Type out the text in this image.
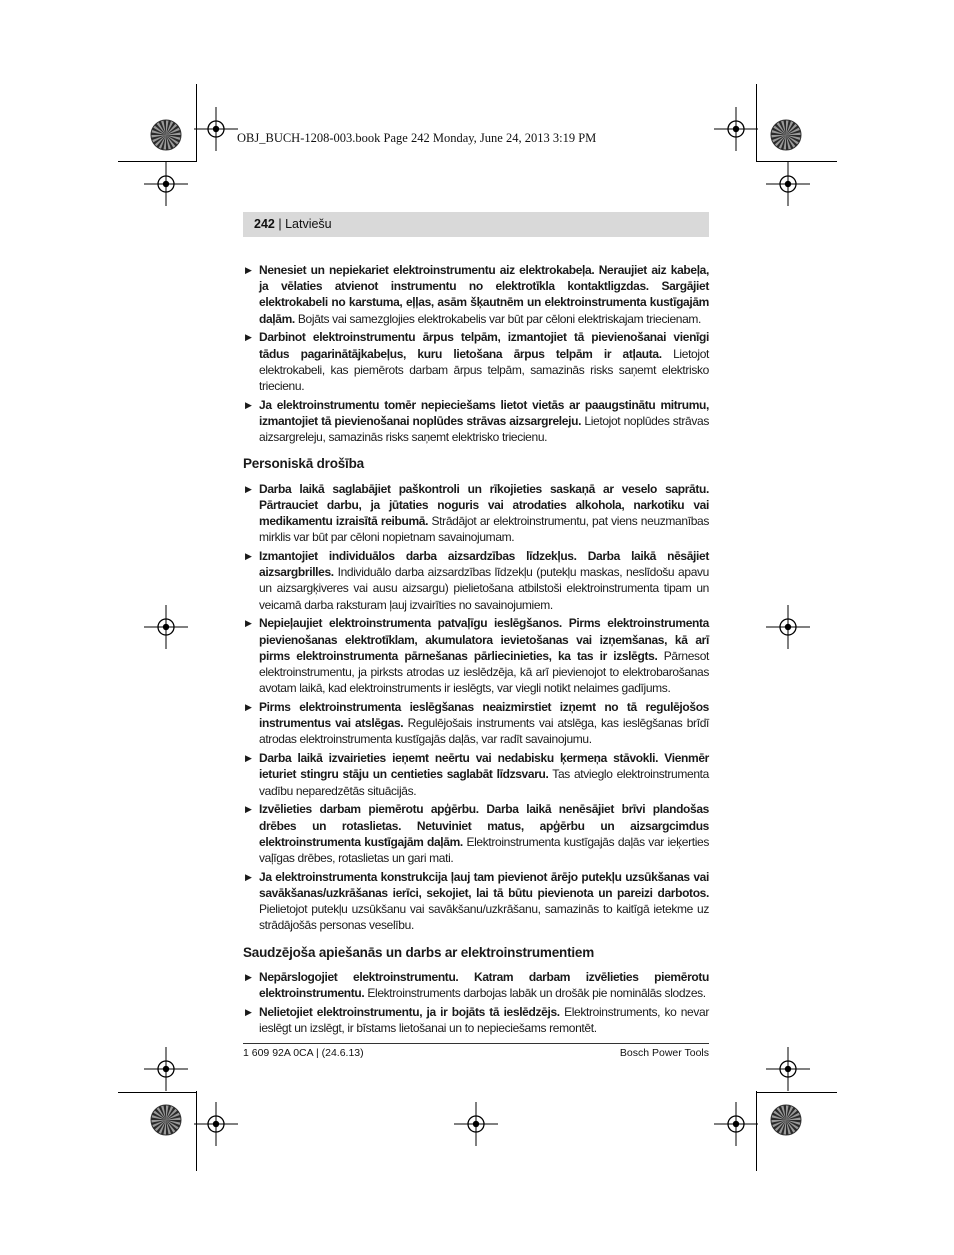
OBJ_BUCH-1208-003.book Page 242 Monday, June 24, 2013 3:19 PM
242 | Latviešu
▶ Nenesiet un nepiekariet elektroinstrumentu aiz elektrokabeļa. Neraujiet aiz kabeļa, ja vēlaties atvienot instrumentu no elektrotīkla kontaktligzdas. Sargājiet elektrokabeli no karstuma, eļļas, asām šķautnēm un elektroinstrumenta kustīgajām daļām. Bojāts vai samezglojies elektrokabelis var būt par cēloni elektriskajam triecienam.
▶ Darbinot elektroinstrumentu ārpus telpām, izmantojiet tā pievienošanai vienīgi tādus pagarinātājkabeļus, kuru lietošana ārpus telpām ir atļauta. Lietojot elektrokabeli, kas piemērots darbam ārpus telpām, samazinās risks saņemt elektrisko triecienu.
▶ Ja elektroinstrumentu tomēr nepieciešams lietot vietās ar paaugstinātu mitrumu, izmantojiet tā pievienošanai noplūdes strāvas aizsargreleju. Lietojot noplūdes strāvas aizsargreleju, samazinās risks saņemt elektrisko triecienu.
Personiskā drošība
▶ Darba laikā saglabājiet paškontroli un rīkojieties saskaņā ar veselo saprātu. Pārtrauciet darbu, ja jūtaties noguris vai atrodaties alkohola, narkotiku vai medikamentu izraisītā reibumā. Strādājot ar elektroinstrumentu, pat viens neuzmanības mirklis var būt par cēloni nopietnam savainojumam.
▶ Izmantojiet individuālos darba aizsardzības līdzekļus. Darba laikā nēsājiet aizsargbrilles. Individuālo darba aizsardzības līdzekļu (putekļu maskas, neslīdošu apavu un aizsargķiveres vai ausu aizsargu) pielietošana atbilstoši elektroinstrumenta tipam un veicamā darba raksturam ļauj izvairīties no savainojumiem.
▶ Nepieļaujiet elektroinstrumenta patvaļīgu ieslēgšanos. Pirms elektroinstrumenta pievienošanas elektrotīklam, akumulatora ievietošanas vai izņemšanas, kā arī pirms elektroinstrumenta pārnešanas pārliecinieties, ka tas ir izslēgts. Pārnesot elektroinstrumentu, ja pirksts atrodas uz ieslēdzēja, kā arī pievienojot to elektrobarošanas avotam laikā, kad elektroinstruments ir ieslēgts, var viegli notikt nelaimes gadījums.
▶ Pirms elektroinstrumenta ieslēgšanas neaizmirstiet izņemt no tā regulējošos instrumentus vai atslēgas. Regulējošais instruments vai atslēga, kas ieslēgšanas brīdī atrodas elektroinstrumenta kustīgajās daļās, var radīt savainojumu.
▶ Darba laikā izvairieties ieņemt neērtu vai nedabisku ķermeņa stāvokli. Vienmēr ieturiet stingru stāju un centieties saglabāt līdzsvaru. Tas atvieglo elektroinstrumenta vadību neparedzētās situācijās.
▶ Izvēlieties darbam piemērotu apģērbu. Darba laikā nenēsājiet brīvi plandošas drēbes un rotaslietas. Netuviniet matus, apģērbu un aizsargcimdus elektroinstrumenta kustīgajām daļām. Elektroinstrumenta kustīgajās daļās var ieķerties vaļīgas drēbes, rotaslietas un gari mati.
▶ Ja elektroinstrumenta konstrukcija ļauj tam pievienot ārējo putekļu uzsūkšanas vai savākšanas/uzkrāšanas ierīci, sekojiet, lai tā būtu pievienota un pareizi darbotos. Pielietojot putekļu uzsūkšanu vai savākšanu/uzkrāšanu, samazinās to kaitīgā ietekme uz strādājošās personas veselību.
Saudzējoša apiešanās un darbs ar elektroinstrumentiem
▶ Nepārslogojiet elektroinstrumentu. Katram darbam izvēlieties piemērotu elektroinstrumentu. Elektroinstruments darbojas labāk un drošāk pie nominālās slodzes.
▶ Nelietojiet elektroinstrumentu, ja ir bojāts tā ieslēdzējs. Elektroinstruments, ko nevar ieslēgt un izslēgt, ir bīstams lietošanai un to nepieciešams remontēt.
1 609 92A 0CA | (24.6.13)	Bosch Power Tools
